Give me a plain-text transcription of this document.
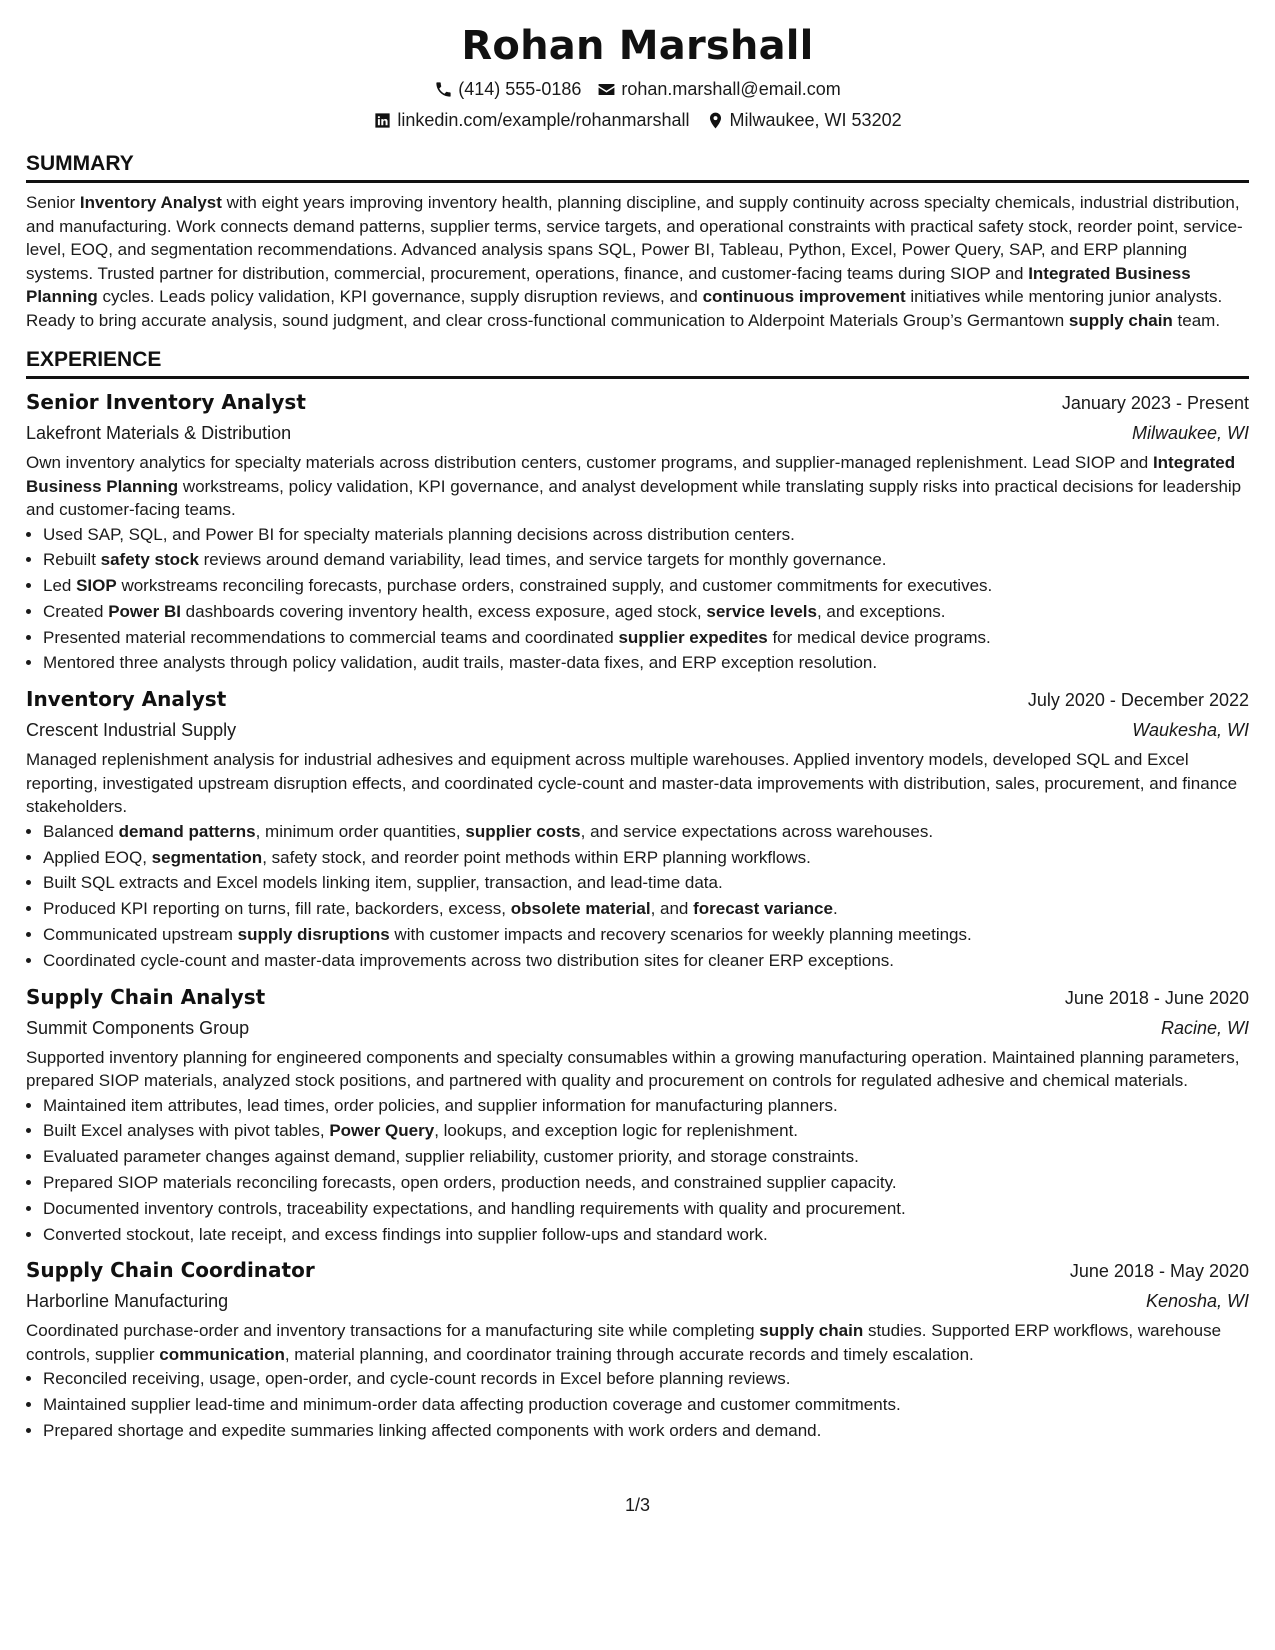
Rohan Marshall
(414) 555-0186 rohan.marshall@email.com
linkedin.com/example/rohanmarshall Milwaukee, WI 53202
SUMMARY
Senior Inventory Analyst with eight years improving inventory health, planning discipline, and supply continuity across specialty chemicals, industrial distribution, and manufacturing. Work connects demand patterns, supplier terms, service targets, and operational constraints with practical safety stock, reorder point, service-level, EOQ, and segmentation recommendations. Advanced analysis spans SQL, Power BI, Tableau, Python, Excel, Power Query, SAP, and ERP planning systems. Trusted partner for distribution, commercial, procurement, operations, finance, and customer-facing teams during SIOP and Integrated Business Planning cycles. Leads policy validation, KPI governance, supply disruption reviews, and continuous improvement initiatives while mentoring junior analysts. Ready to bring accurate analysis, sound judgment, and clear cross-functional communication to Alderpoint Materials Group’s Germantown supply chain team.
EXPERIENCE
Senior Inventory Analyst	January 2023 - Present
Lakefront Materials & Distribution	Milwaukee, WI
Own inventory analytics for specialty materials across distribution centers, customer programs, and supplier-managed replenishment. Lead SIOP and Integrated Business Planning workstreams, policy validation, KPI governance, and analyst development while translating supply risks into practical decisions for leadership and customer-facing teams.
• Used SAP, SQL, and Power BI for specialty materials planning decisions across distribution centers.
• Rebuilt safety stock reviews around demand variability, lead times, and service targets for monthly governance.
• Led SIOP workstreams reconciling forecasts, purchase orders, constrained supply, and customer commitments for executives.
• Created Power BI dashboards covering inventory health, excess exposure, aged stock, service levels, and exceptions.
• Presented material recommendations to commercial teams and coordinated supplier expedites for medical device programs.
• Mentored three analysts through policy validation, audit trails, master-data fixes, and ERP exception resolution.
Inventory Analyst	July 2020 - December 2022
Crescent Industrial Supply	Waukesha, WI
Managed replenishment analysis for industrial adhesives and equipment across multiple warehouses. Applied inventory models, developed SQL and Excel reporting, investigated upstream disruption effects, and coordinated cycle-count and master-data improvements with distribution, sales, procurement, and finance stakeholders.
• Balanced demand patterns, minimum order quantities, supplier costs, and service expectations across warehouses.
• Applied EOQ, segmentation, safety stock, and reorder point methods within ERP planning workflows.
• Built SQL extracts and Excel models linking item, supplier, transaction, and lead-time data.
• Produced KPI reporting on turns, fill rate, backorders, excess, obsolete material, and forecast variance.
• Communicated upstream supply disruptions with customer impacts and recovery scenarios for weekly planning meetings.
• Coordinated cycle-count and master-data improvements across two distribution sites for cleaner ERP exceptions.
Supply Chain Analyst	June 2018 - June 2020
Summit Components Group	Racine, WI
Supported inventory planning for engineered components and specialty consumables within a growing manufacturing operation. Maintained planning parameters, prepared SIOP materials, analyzed stock positions, and partnered with quality and procurement on controls for regulated adhesive and chemical materials.
• Maintained item attributes, lead times, order policies, and supplier information for manufacturing planners.
• Built Excel analyses with pivot tables, Power Query, lookups, and exception logic for replenishment.
• Evaluated parameter changes against demand, supplier reliability, customer priority, and storage constraints.
• Prepared SIOP materials reconciling forecasts, open orders, production needs, and constrained supplier capacity.
• Documented inventory controls, traceability expectations, and handling requirements with quality and procurement.
• Converted stockout, late receipt, and excess findings into supplier follow-ups and standard work.
Supply Chain Coordinator	June 2018 - May 2020
Harborline Manufacturing	Kenosha, WI
Coordinated purchase-order and inventory transactions for a manufacturing site while completing supply chain studies. Supported ERP workflows, warehouse controls, supplier communication, material planning, and coordinator training through accurate records and timely escalation.
• Reconciled receiving, usage, open-order, and cycle-count records in Excel before planning reviews.
• Maintained supplier lead-time and minimum-order data affecting production coverage and customer commitments.
• Prepared shortage and expedite summaries linking affected components with work orders and demand.
1/3
